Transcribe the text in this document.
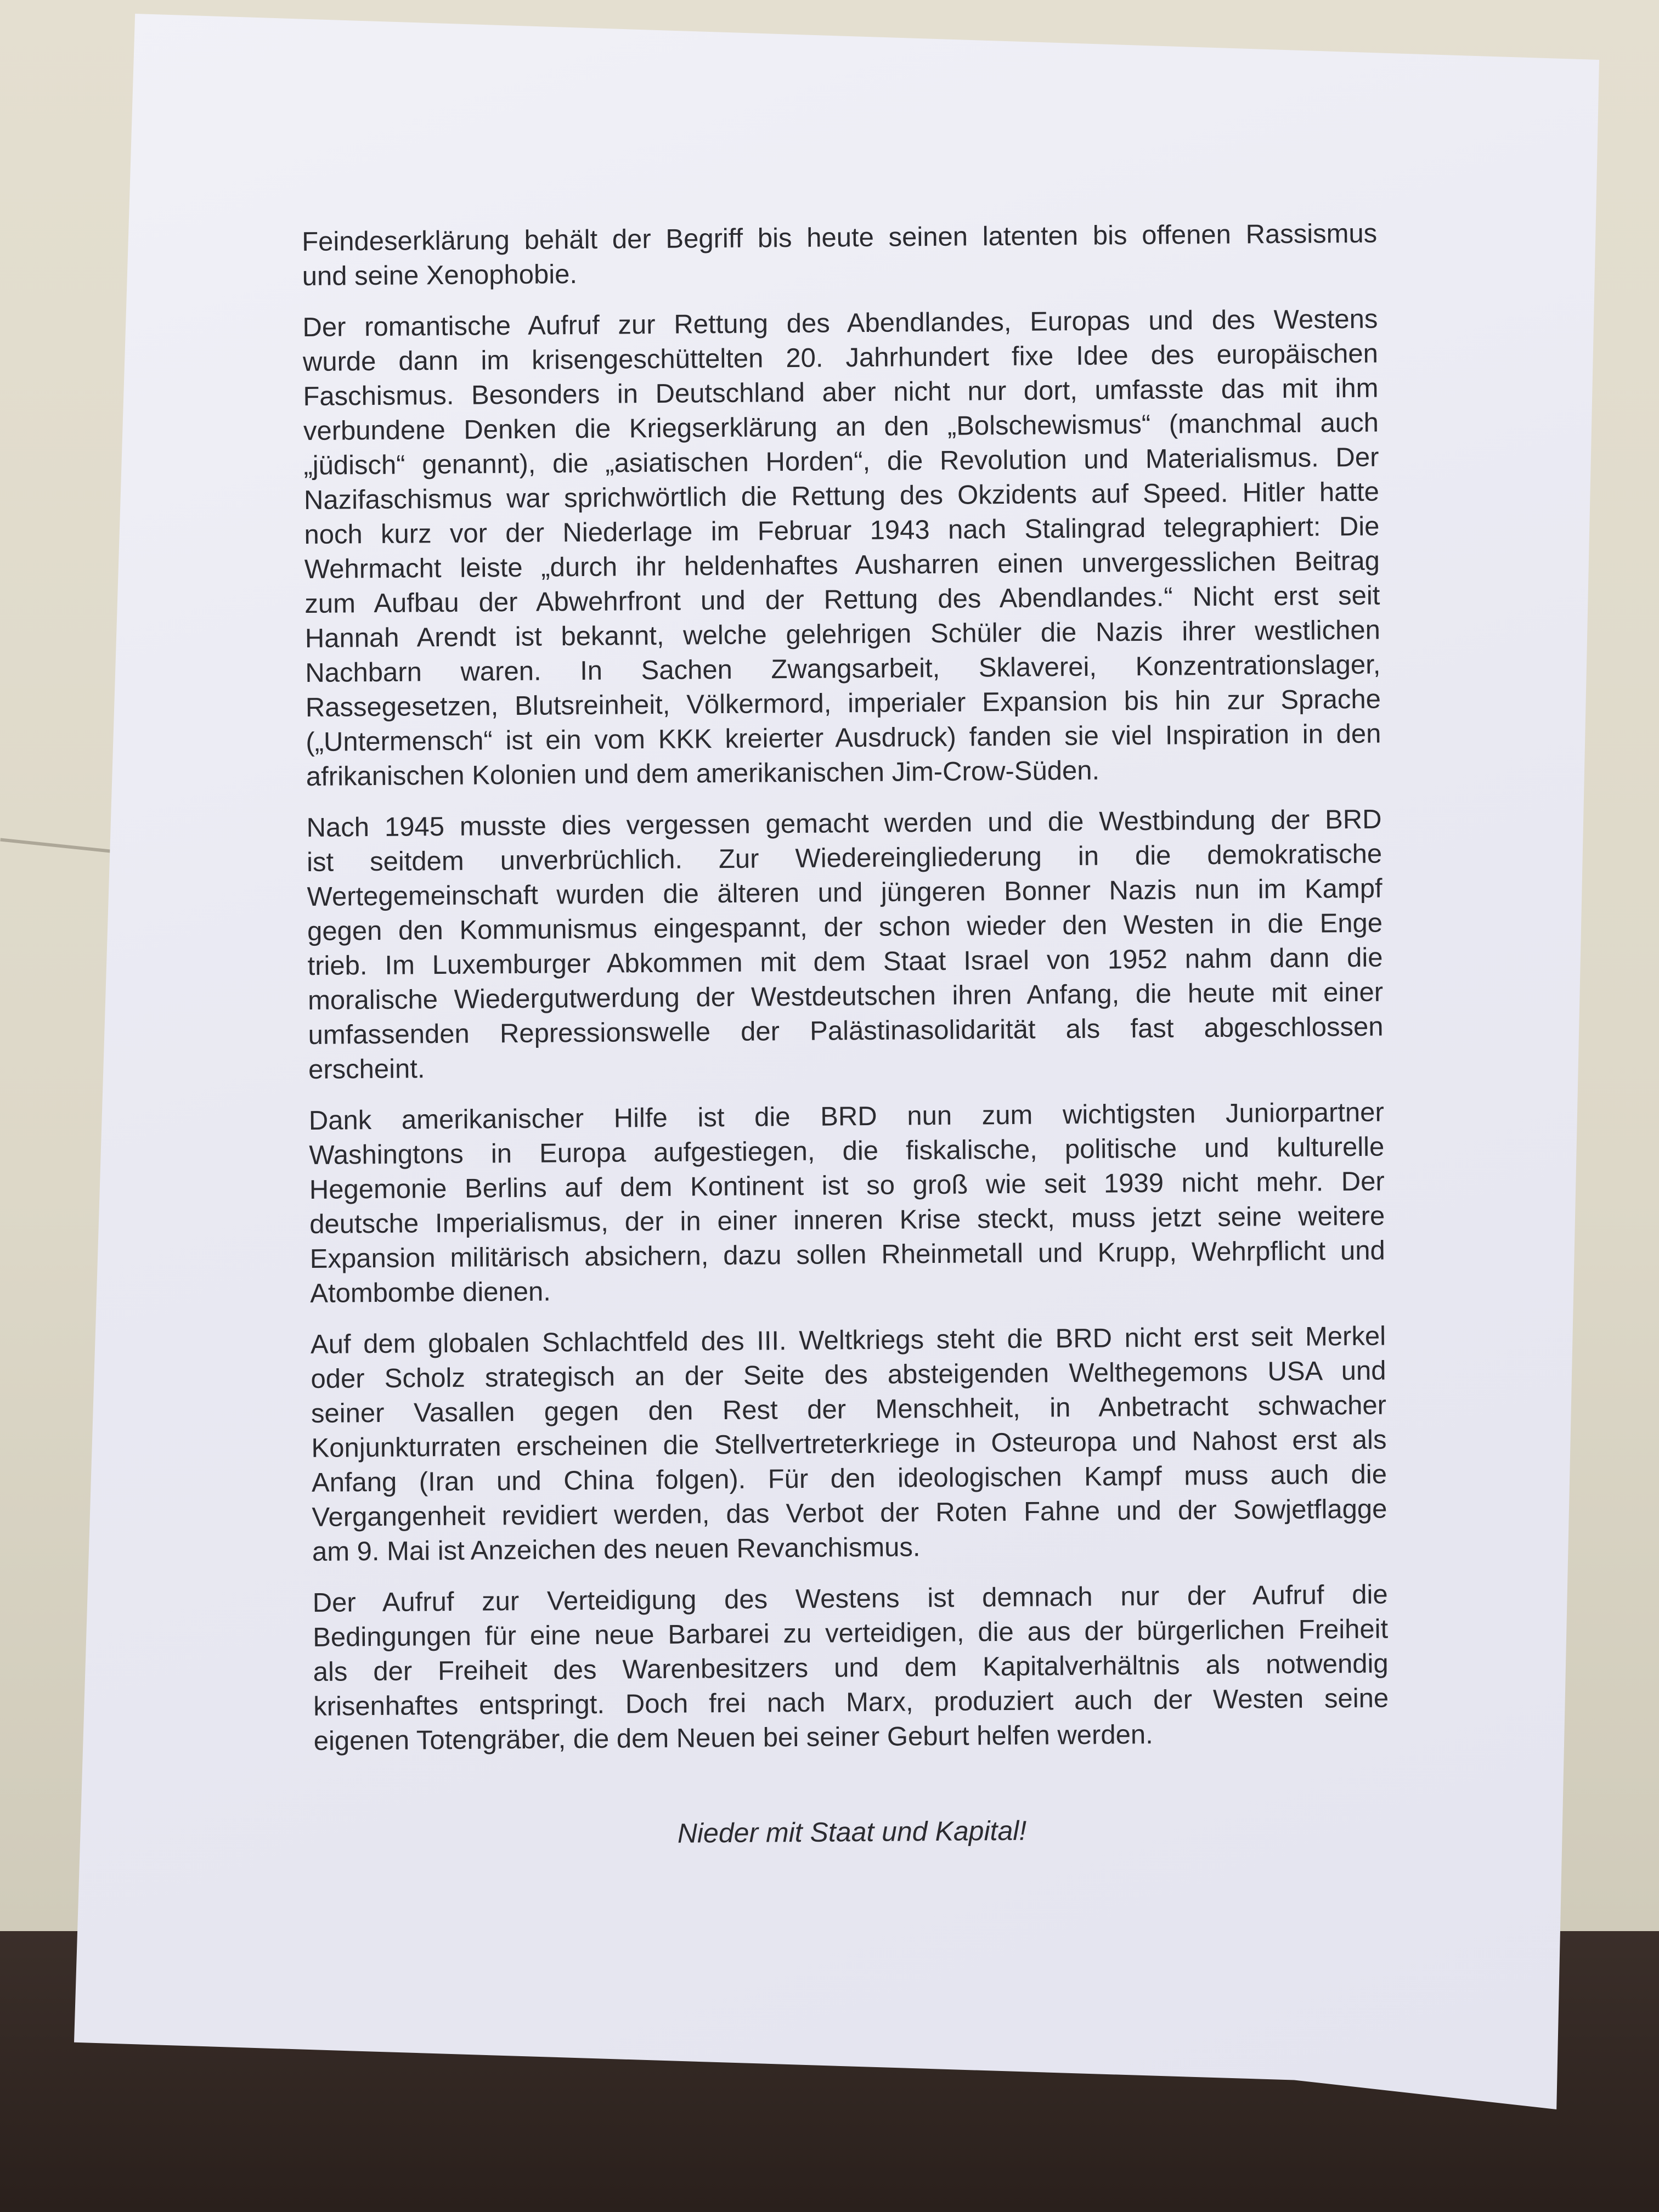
Feindeserklärung behält der Begriff bis heute seinen latenten bis offenen Rassismus
und seine Xenophobie.
Der romantische Aufruf zur Rettung des Abendlandes, Europas und des Westens
wurde dann im krisengeschüttelten 20. Jahrhundert fixe Idee des europäischen
Faschismus. Besonders in Deutschland aber nicht nur dort, umfasste das mit ihm
verbundene Denken die Kriegserklärung an den „Bolschewismus“ (manchmal auch
„jüdisch“ genannt), die „asiatischen Horden“, die Revolution und Materialismus. Der
Nazifaschismus war sprichwörtlich die Rettung des Okzidents auf Speed. Hitler hatte
noch kurz vor der Niederlage im Februar 1943 nach Stalingrad telegraphiert: Die
Wehrmacht leiste „durch ihr heldenhaftes Ausharren einen unvergesslichen Beitrag
zum Aufbau der Abwehrfront und der Rettung des Abendlandes.“ Nicht erst seit
Hannah Arendt ist bekannt, welche gelehrigen Schüler die Nazis ihrer westlichen
Nachbarn waren. In Sachen Zwangsarbeit, Sklaverei, Konzentrationslager,
Rassegesetzen, Blutsreinheit, Völkermord, imperialer Expansion bis hin zur Sprache
(„Untermensch“ ist ein vom KKK kreierter Ausdruck) fanden sie viel Inspiration in den
afrikanischen Kolonien und dem amerikanischen Jim-Crow-Süden.
Nach 1945 musste dies vergessen gemacht werden und die Westbindung der BRD
ist seitdem unverbrüchlich. Zur Wiedereingliederung in die demokratische
Wertegemeinschaft wurden die älteren und jüngeren Bonner Nazis nun im Kampf
gegen den Kommunismus eingespannt, der schon wieder den Westen in die Enge
trieb. Im Luxemburger Abkommen mit dem Staat Israel von 1952 nahm dann die
moralische Wiedergutwerdung der Westdeutschen ihren Anfang, die heute mit einer
umfassenden Repressionswelle der Palästinasolidarität als fast abgeschlossen
erscheint.
Dank amerikanischer Hilfe ist die BRD nun zum wichtigsten Juniorpartner
Washingtons in Europa aufgestiegen, die fiskalische, politische und kulturelle
Hegemonie Berlins auf dem Kontinent ist so groß wie seit 1939 nicht mehr. Der
deutsche Imperialismus, der in einer inneren Krise steckt, muss jetzt seine weitere
Expansion militärisch absichern, dazu sollen Rheinmetall und Krupp, Wehrpflicht und
Atombombe dienen.
Auf dem globalen Schlachtfeld des III. Weltkriegs steht die BRD nicht erst seit Merkel
oder Scholz strategisch an der Seite des absteigenden Welthegemons USA und
seiner Vasallen gegen den Rest der Menschheit, in Anbetracht schwacher
Konjunkturraten erscheinen die Stellvertreterkriege in Osteuropa und Nahost erst als
Anfang (Iran und China folgen). Für den ideologischen Kampf muss auch die
Vergangenheit revidiert werden, das Verbot der Roten Fahne und der Sowjetflagge
am 9. Mai ist Anzeichen des neuen Revanchismus.
Der Aufruf zur Verteidigung des Westens ist demnach nur der Aufruf die
Bedingungen für eine neue Barbarei zu verteidigen, die aus der bürgerlichen Freiheit
als der Freiheit des Warenbesitzers und dem Kapitalverhältnis als notwendig
krisenhaftes entspringt. Doch frei nach Marx, produziert auch der Westen seine
eigenen Totengräber, die dem Neuen bei seiner Geburt helfen werden.
Nieder mit Staat und Kapital!
